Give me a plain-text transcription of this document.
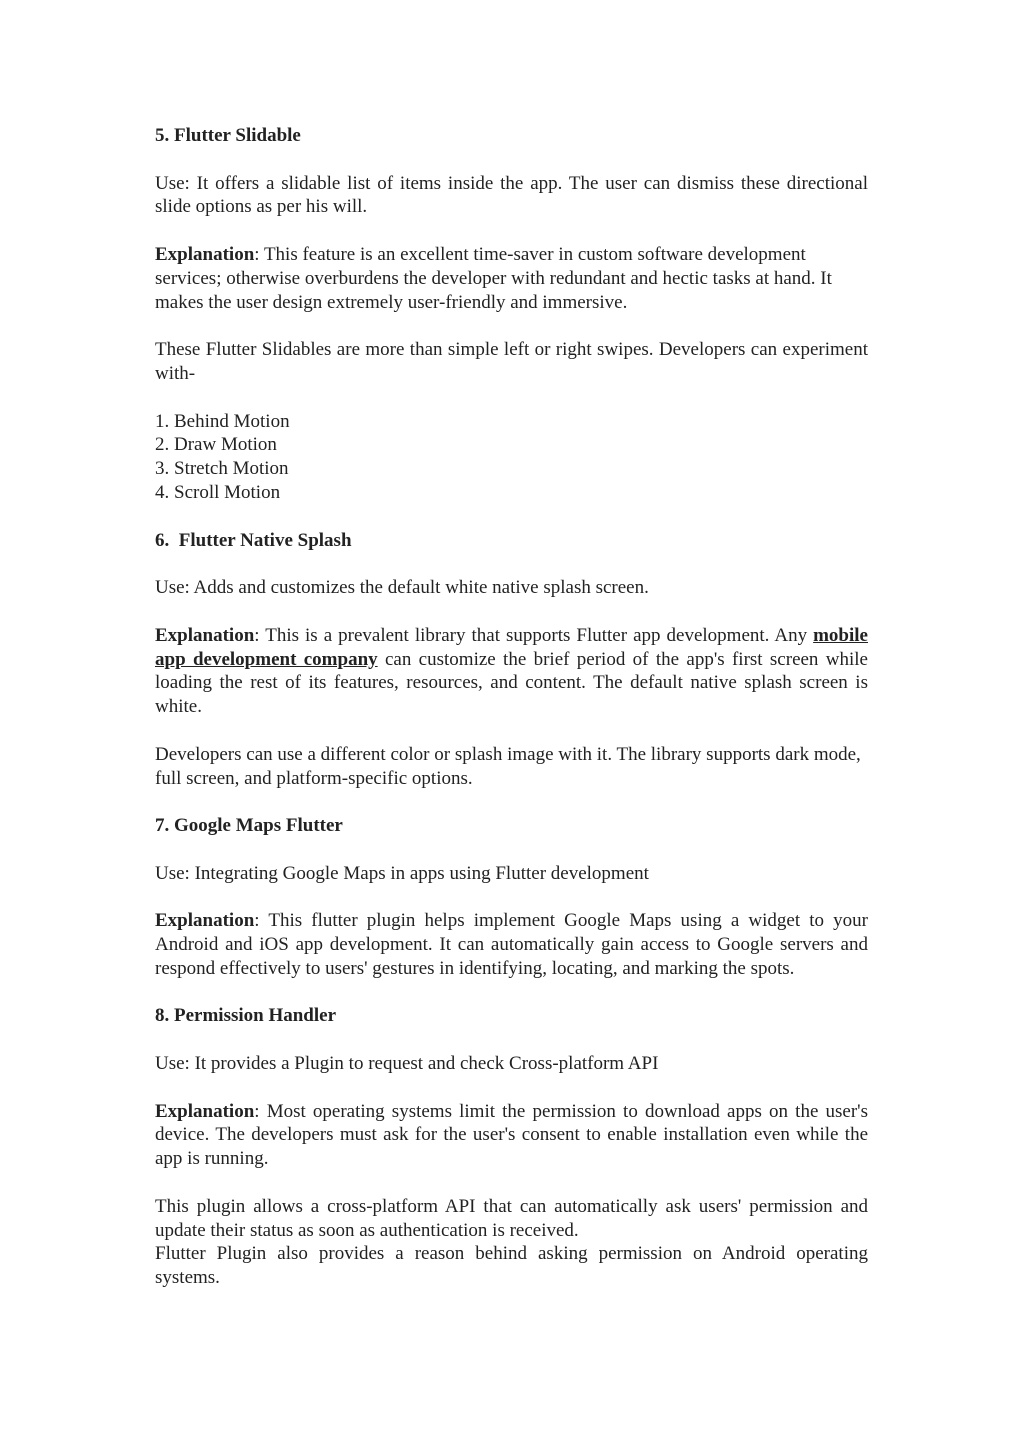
5. Flutter Slidable

Use: It offers a slidable list of items inside the app. The user can dismiss these directional slide options as per his will.

Explanation: This feature is an excellent time-saver in custom software development services; otherwise overburdens the developer with redundant and hectic tasks at hand. It makes the user design extremely user-friendly and immersive.

These Flutter Slidables are more than simple left or right swipes. Developers can experiment with-

1. Behind Motion

2. Draw Motion

3. Stretch Motion

4. Scroll Motion

6.  Flutter Native Splash

Use: Adds and customizes the default white native splash screen.

Explanation: This is a prevalent library that supports Flutter app development. Any mobile app development company can customize the brief period of the app's first screen while loading the rest of its features, resources, and content. The default native splash screen is white.

Developers can use a different color or splash image with it. The library supports dark mode, full screen, and platform-specific options.

7. Google Maps Flutter

Use: Integrating Google Maps in apps using Flutter development

Explanation: This flutter plugin helps implement Google Maps using a widget to your Android and iOS app development. It can automatically gain access to Google servers and respond effectively to users' gestures in identifying, locating, and marking the spots.

8. Permission Handler

Use: It provides a Plugin to request and check Cross-platform API

Explanation: Most operating systems limit the permission to download apps on the user's device. The developers must ask for the user's consent to enable installation even while the app is running.

This plugin allows a cross-platform API that can automatically ask users' permission and update their status as soon as authentication is received.

Flutter Plugin also provides a reason behind asking permission on Android operating systems.
